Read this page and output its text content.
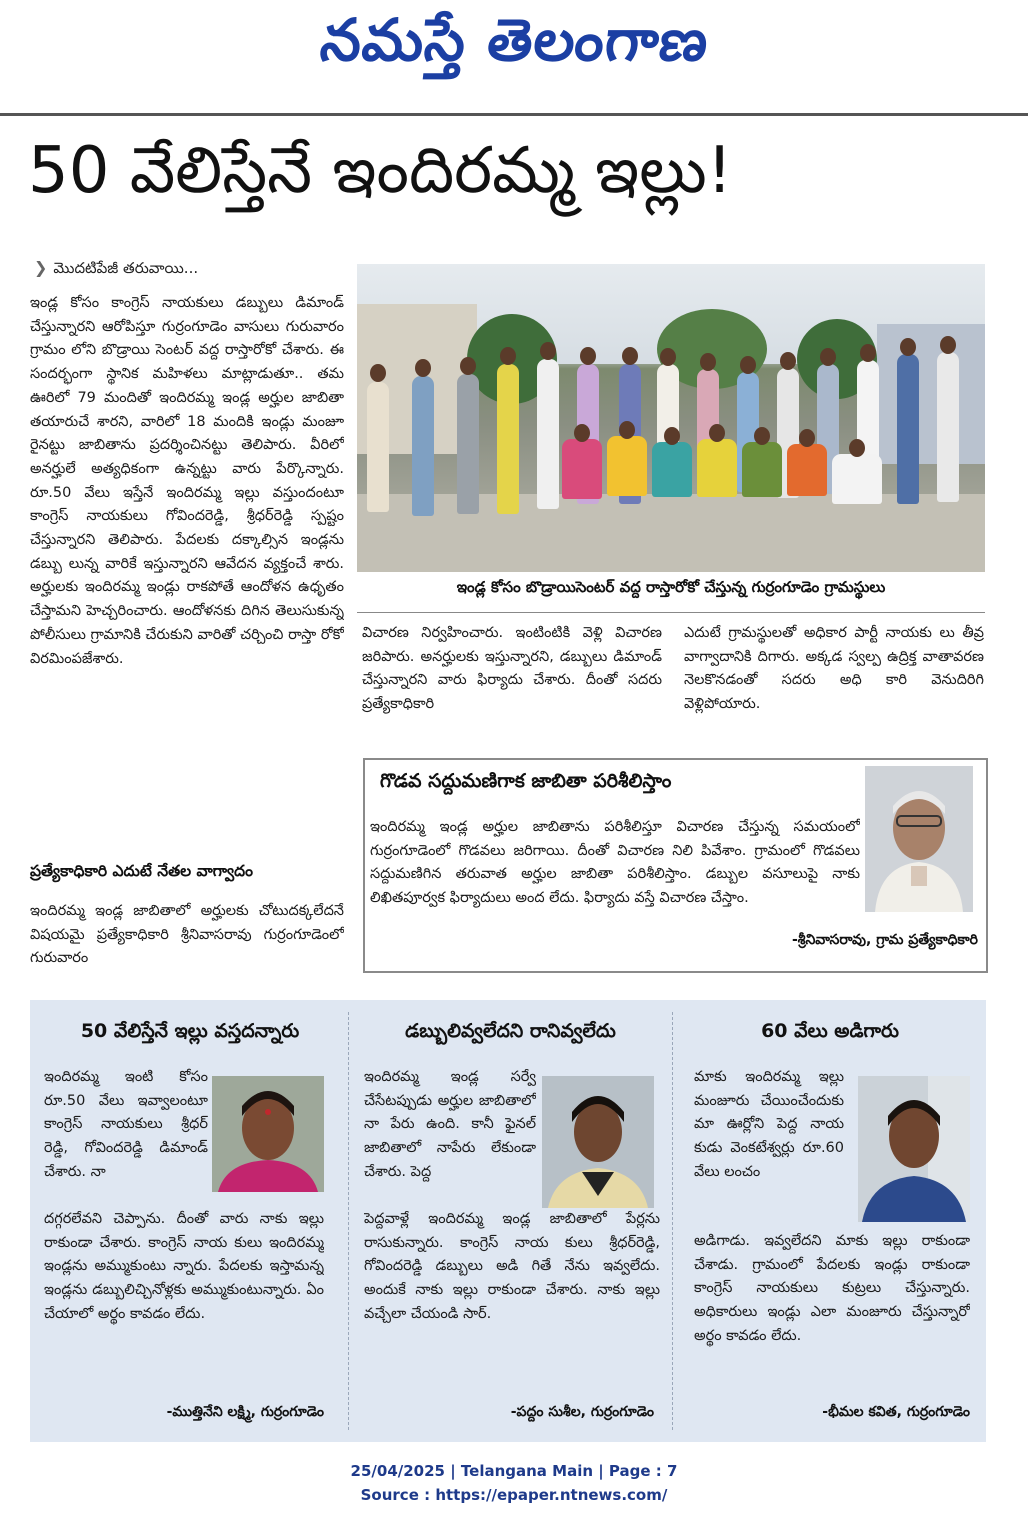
నమస్తే తెలంగాణ
50 వేలిస్తేనే ఇందిరమ్మ ఇల్లు!
❯ మొదటిపేజీ తరువాయి...
ఇండ్ల కోసం కాంగ్రెస్ నాయకులు డబ్బులు డిమాండ్ చేస్తున్నారని ఆరోపిస్తూ గుర్రంగూడెం వాసులు గురువారం గ్రామం లోని బొడ్రాయి సెంటర్ వద్ద రాస్తారోకో చేశారు. ఈ సందర్భంగా స్థానిక మహిళలు మాట్లాడుతూ.. తమ ఊరిలో 79 మందితో ఇందిరమ్మ ఇండ్ల అర్హుల జాబితా తయారుచే శారని, వారిలో 18 మందికి ఇండ్లు మంజూ రైనట్టు జాబితాను ప్రదర్శించినట్టు తెలిపారు. వీరిలో అనర్హులే అత్యధికంగా ఉన్నట్టు వారు పేర్కొన్నారు. రూ.50 వేలు ఇస్తేనే ఇందిరమ్మ ఇల్లు వస్తుందంటూ కాంగ్రెస్ నాయకులు గోవిందరెడ్డి, శ్రీధర్‌రెడ్డి స్పష్టం చేస్తున్నారని తెలిపారు. పేదలకు దక్కాల్సిన ఇండ్లను డబ్బు లున్న వారికే ఇస్తున్నారని ఆవేదన వ్యక్తంచే శారు. అర్హులకు ఇందిరమ్మ ఇండ్లు రాకపోతే ఆందోళన ఉధృతం చేస్తామని హెచ్చరించారు. ఆందోళనకు దిగిన తెలుసుకున్న పోలీసులు గ్రామానికి చేరుకుని వారితో చర్చించి రాస్తా రోకో విరమింపజేశారు.
ప్రత్యేకాధికారి ఎదుటే నేతల వాగ్వాదం
ఇందిరమ్మ ఇండ్ల జాబితాలో అర్హులకు చోటుదక్కలేదనే విషయమై ప్రత్యేకాధికారి శ్రీనివాసరావు గుర్రంగూడెంలో గురువారం
ఇండ్ల కోసం బొడ్రాయిసెంటర్ వద్ద రాస్తారోకో చేస్తున్న గుర్రంగూడెం గ్రామస్థులు
విచారణ నిర్వహించారు. ఇంటింటికి వెళ్లి విచారణ జరిపారు. అనర్హులకు ఇస్తున్నారని, డబ్బులు డిమాండ్ చేస్తున్నారని వారు ఫిర్యాదు చేశారు. దీంతో సదరు ప్రత్యేకాధికారి
ఎదుటే గ్రామస్థులతో అధికార పార్టీ నాయకు లు తీవ్ర వాగ్వాదానికి దిగారు. అక్కడ స్వల్ప ఉద్రిక్త వాతావరణ నెలకొనడంతో సదరు అధి కారి వెనుదిరిగి వెళ్లిపోయారు.
గొడవ సద్దుమణిగాక జాబితా పరిశీలిస్తాం
ఇందిరమ్మ ఇండ్ల అర్హుల జాబితాను పరిశీలిస్తూ విచారణ చేస్తున్న సమయంలో గుర్రంగూడెంలో గొడవలు జరిగాయి. దీంతో విచారణ నిలి పివేశాం. గ్రామంలో గొడవలు సద్దుమణిగిన తరువాత అర్హుల జాబితా పరిశీలిస్తాం. డబ్బుల వసూలుపై నాకు లిఖితపూర్వక ఫిర్యాదులు అంద లేదు. ఫిర్యాదు వస్తే విచారణ చేస్తాం.
-శ్రీనివాసరావు, గ్రామ ప్రత్యేకాధికారి
50 వేలిస్తేనే ఇల్లు వస్తదన్నారు
ఇందిరమ్మ ఇంటి కోసం రూ.50 వేలు ఇవ్వాలంటూ కాంగ్రెస్ నాయకులు శ్రీధర్ రెడ్డి, గోవిందరెడ్డి డిమాండ్ చేశారు. నా
దగ్గరలేవని చెప్పాను. దీంతో వారు నాకు ఇల్లు రాకుండా చేశారు. కాంగ్రెస్ నాయ కులు ఇందిరమ్మ ఇండ్లను అమ్ముకుంటు న్నారు. పేదలకు ఇస్తామన్న ఇండ్లను డబ్బులిచ్చినోళ్లకు అమ్ముకుంటున్నారు. ఏం చేయాలో అర్థం కావడం లేదు.
-ముత్తినేని లక్ష్మి, గుర్రంగూడెం
డబ్బులివ్వలేదని రానివ్వలేదు
ఇందిరమ్మ ఇండ్ల సర్వే చేసేటప్పుడు అర్హుల జాబితాలో నా పేరు ఉంది. కానీ ఫైనల్ జాబితాలో నాపేరు లేకుండా చేశారు. పెద్ద
పెద్దవాళ్లే ఇందిరమ్మ ఇండ్ల జాబితాలో పేర్లను రాసుకున్నారు. కాంగ్రెస్ నాయ కులు శ్రీధర్‌రెడ్డి, గోవిందరెడ్డి డబ్బులు అడి గితే నేను ఇవ్వలేదు. అందుకే నాకు ఇల్లు రాకుండా చేశారు. నాకు ఇల్లు వచ్చేలా చేయండి సార్.
-పద్దం సుశీల, గుర్రంగూడెం
60 వేలు అడిగారు
మాకు ఇందిరమ్మ ఇల్లు మంజూరు చేయించేందుకు మా ఊర్లోని పెద్ద నాయ కుడు వెంకటేశ్వర్లు రూ.60 వేలు లంచం
అడిగాడు. ఇవ్వలేదని మాకు ఇల్లు రాకుండా చేశాడు. గ్రామంలో పేదలకు ఇండ్లు రాకుండా కాంగ్రెస్ నాయకులు కుట్రలు చేస్తున్నారు. అధికారులు ఇండ్లు ఎలా మంజూరు చేస్తున్నారో అర్థం కావడం లేదు.
-భీమల కవిత, గుర్రంగూడెం
25/04/2025 | Telangana Main | Page : 7
Source : https://epaper.ntnews.com/
